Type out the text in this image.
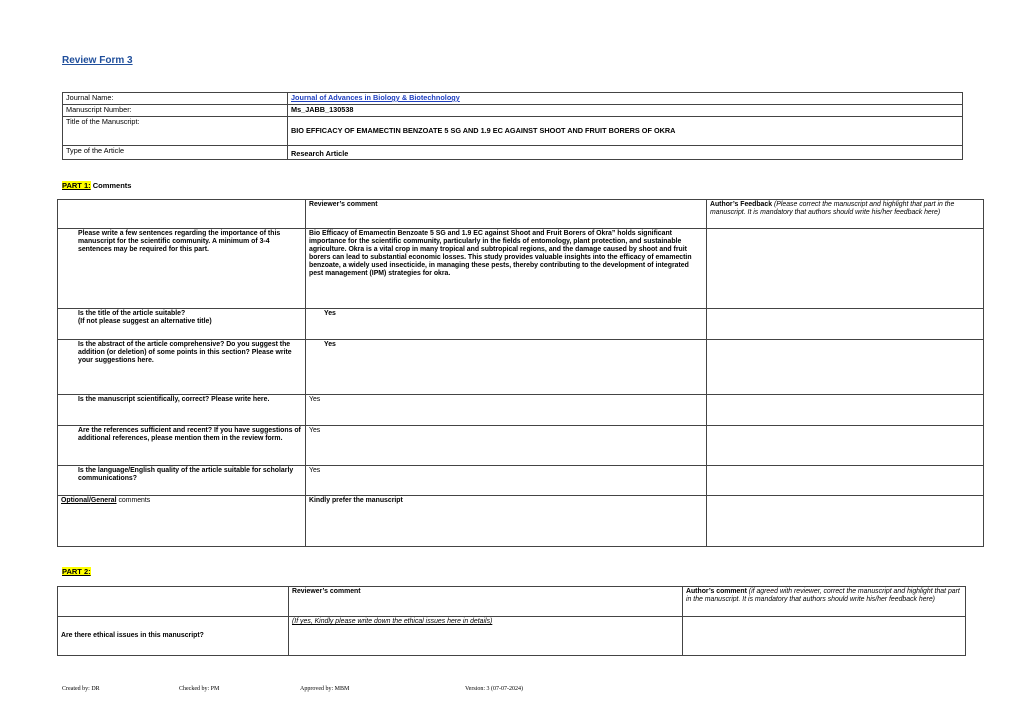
Review Form 3
Journal Name:	Journal of Advances in Biology & Biotechnology
Manuscript Number:	Ms_JABB_130538
Title of the Manuscript:	BIO EFFICACY OF EMAMECTIN BENZOATE 5 SG AND 1.9 EC AGAINST SHOOT AND FRUIT BORERS OF OKRA
Type of the Article	Research Article
PART 1: Comments
	Reviewer’s comment	Author’s Feedback (Please correct the manuscript and highlight that part in the manuscript. It is mandatory that authors should write his/her feedback here)
Please write a few sentences regarding the importance of this manuscript for the scientific community. A minimum of 3-4 sentences may be required for this part.	Bio Efficacy of Emamectin Benzoate 5 SG and 1.9 EC against Shoot and Fruit Borers of Okra” holds significant importance for the scientific community, particularly in the fields of entomology, plant protection, and sustainable agriculture. Okra is a vital crop in many tropical and subtropical regions, and the damage caused by shoot and fruit borers can lead to substantial economic losses. This study provides valuable insights into the efficacy of emamectin benzoate, a widely used insecticide, in managing these pests, thereby contributing to the development of integrated pest management (IPM) strategies for okra.	
Is the title of the article suitable?
(If not please suggest an alternative title)	Yes	
Is the abstract of the article comprehensive? Do you suggest the addition (or deletion) of some points in this section? Please write your suggestions here.	Yes	
Is the manuscript scientifically, correct? Please write here.	Yes	
Are the references sufficient and recent? If you have suggestions of additional references, please mention them in the review form.	Yes	
Is the language/English quality of the article suitable for scholarly communications?	Yes	
Optional/General comments	Kindly prefer the manuscript	
PART 2:
	Reviewer’s comment	Author’s comment (if agreed with reviewer, correct the manuscript and highlight that part in the manuscript. It is mandatory that authors should write his/her feedback here)
Are there ethical issues in this manuscript?	(If yes, Kindly please write down the ethical issues here in details)	
Created by: DR	Checked by: PM	Approved by: MBM	Version: 3 (07-07-2024)
